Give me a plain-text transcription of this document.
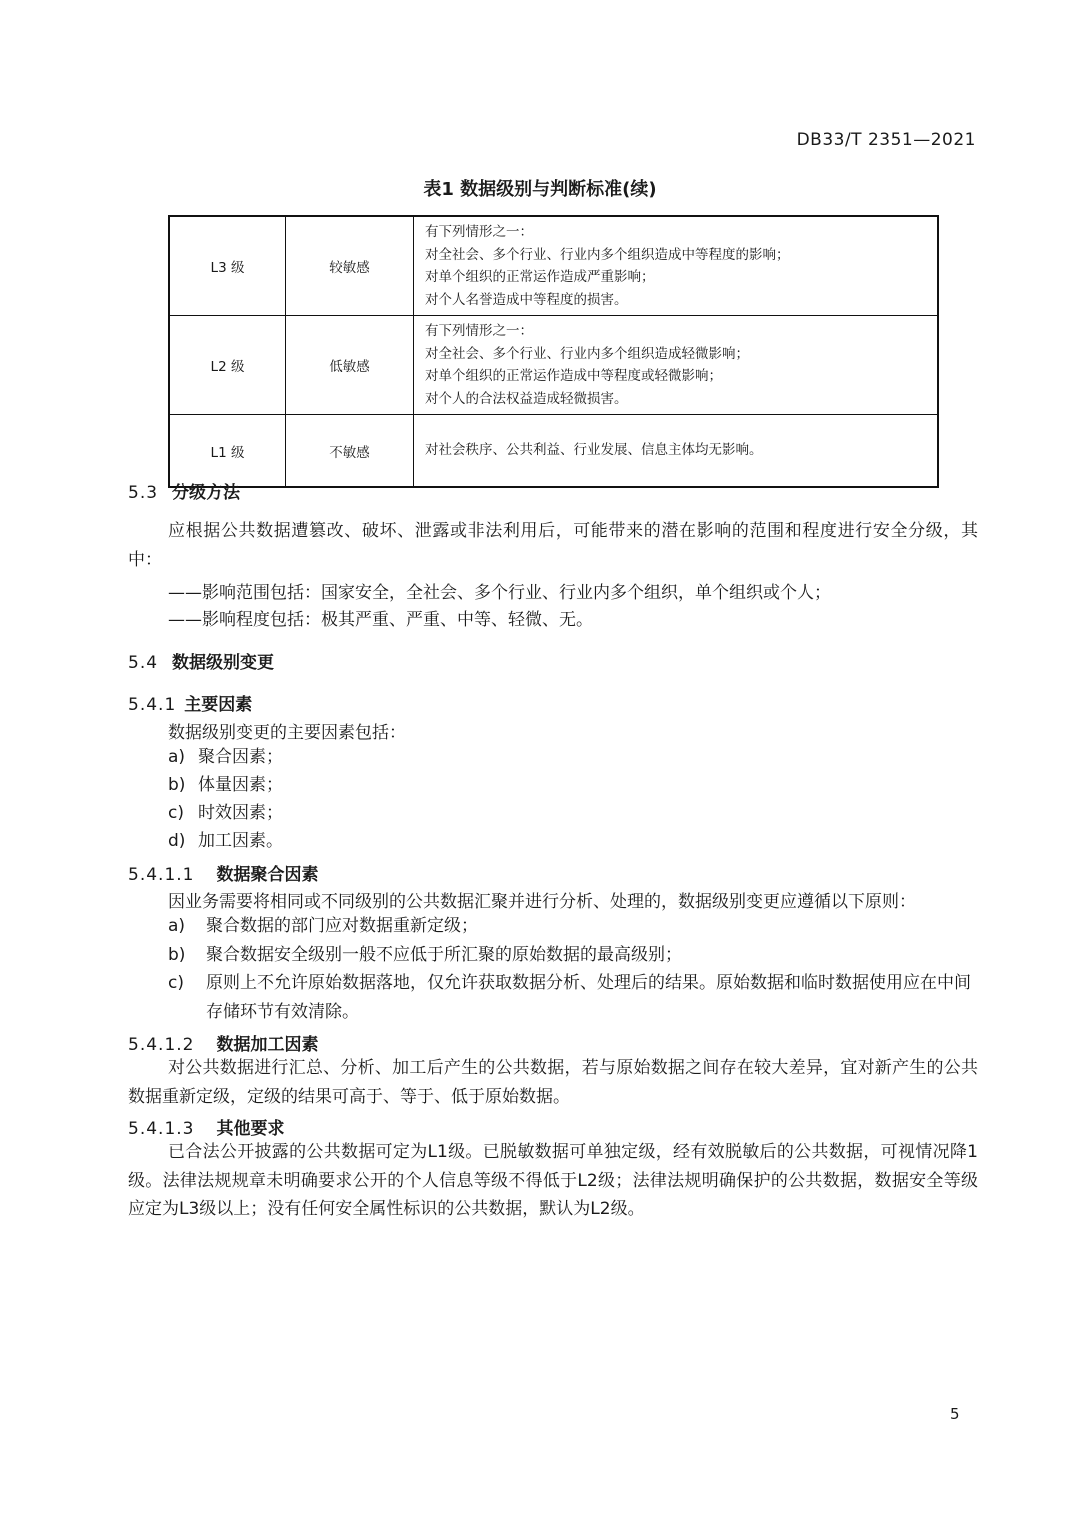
DB33/T 2351—2021
表1 数据级别与判断标准(续)
L3 级	较敏感	有下列情形之一：
对全社会、多个行业、行业内多个组织造成中等程度的影响；
对单个组织的正常运作造成严重影响；
对个人名誉造成中等程度的损害。

L2 级	低敏感	有下列情形之一：
对全社会、多个行业、行业内多个组织造成轻微影响；
对单个组织的正常运作造成中等程度或轻微影响；
对个人的合法权益造成轻微损害。

L1 级	不敏感	对社会秩序、公共利益、行业发展、信息主体均无影响。
5.3 分级方法
应根据公共数据遭篡改、破坏、泄露或非法利用后，可能带来的潜在影响的范围和程度进行安全分级，其中：
——影响范围包括：国家安全，全社会、多个行业、行业内多个组织，单个组织或个人；
——影响程度包括：极其严重、严重、中等、轻微、无。
5.4 数据级别变更
5.4.1 主要因素
数据级别变更的主要因素包括：
a) 聚合因素；
b) 体量因素；
c) 时效因素；
d) 加工因素。
5.4.1.1 数据聚合因素
因业务需要将相同或不同级别的公共数据汇聚并进行分析、处理的，数据级别变更应遵循以下原则：
a) 聚合数据的部门应对数据重新定级；
b) 聚合数据安全级别一般不应低于所汇聚的原始数据的最高级别；
c) 原则上不允许原始数据落地，仅允许获取数据分析、处理后的结果。原始数据和临时数据使用应在中间存储环节有效清除。
5.4.1.2 数据加工因素
对公共数据进行汇总、分析、加工后产生的公共数据，若与原始数据之间存在较大差异，宜对新产生的公共数据重新定级，定级的结果可高于、等于、低于原始数据。
5.4.1.3 其他要求
已合法公开披露的公共数据可定为L1级。已脱敏数据可单独定级，经有效脱敏后的公共数据，可视情况降1级。法律法规规章未明确要求公开的个人信息等级不得低于L2级；法律法规明确保护的公共数据，数据安全等级应定为L3级以上；没有任何安全属性标识的公共数据，默认为L2级。
5
